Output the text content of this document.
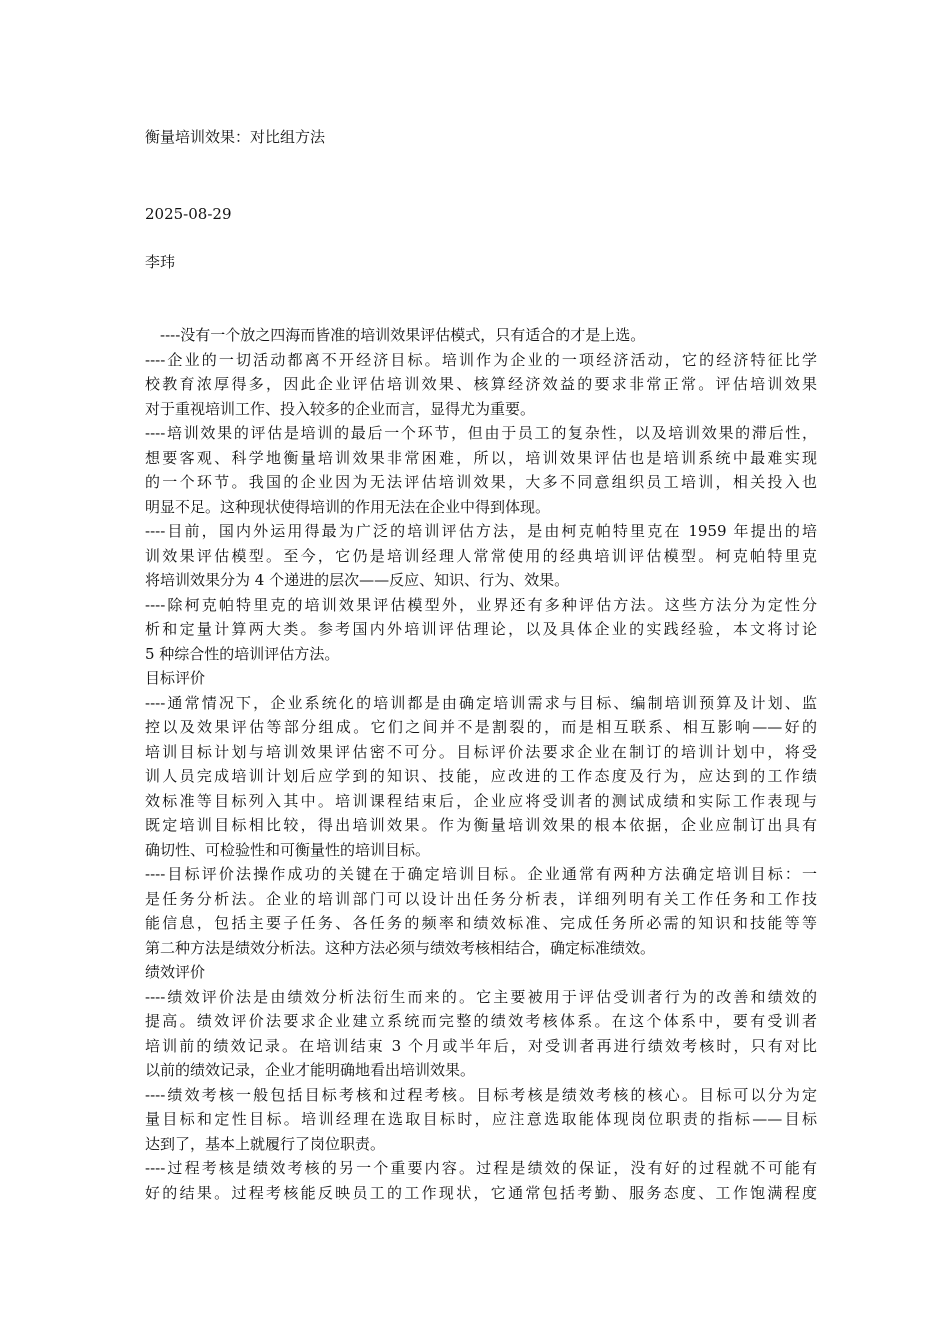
衡量培训效果：对比组方法
2025-08-29
李玮
----没有一个放之四海而皆准的培训效果评估模式，只有适合的才是上选。
----企业的一切活动都离不开经济目标。培训作为企业的一项经济活动，它的经济特征比学
校教育浓厚得多，因此企业评估培训效果、核算经济效益的要求非常正常。评估培训效果
对于重视培训工作、投入较多的企业而言，显得尤为重要。
----培训效果的评估是培训的最后一个环节，但由于员工的复杂性，以及培训效果的滞后性，
想要客观、科学地衡量培训效果非常困难，所以，培训效果评估也是培训系统中最难实现
的一个环节。我国的企业因为无法评估培训效果，大多不同意组织员工培训，相关投入也
明显不足。这种现状使得培训的作用无法在企业中得到体现。
----目前，国内外运用得最为广泛的培训评估方法，是由柯克帕特里克在 1959 年提出的培
训效果评估模型。至今，它仍是培训经理人常常使用的经典培训评估模型。柯克帕特里克
将培训效果分为 4 个递进的层次——反应、知识、行为、效果。
----除柯克帕特里克的培训效果评估模型外，业界还有多种评估方法。这些方法分为定性分
析和定量计算两大类。参考国内外培训评估理论，以及具体企业的实践经验，本文将讨论
5 种综合性的培训评估方法。
目标评价
----通常情况下，企业系统化的培训都是由确定培训需求与目标、编制培训预算及计划、监
控以及效果评估等部分组成。它们之间并不是割裂的，而是相互联系、相互影响——好的
培训目标计划与培训效果评估密不可分。目标评价法要求企业在制订的培训计划中，将受
训人员完成培训计划后应学到的知识、技能，应改进的工作态度及行为，应达到的工作绩
效标准等目标列入其中。培训课程结束后，企业应将受训者的测试成绩和实际工作表现与
既定培训目标相比较，得出培训效果。作为衡量培训效果的根本依据，企业应制订出具有
确切性、可检验性和可衡量性的培训目标。
----目标评价法操作成功的关键在于确定培训目标。企业通常有两种方法确定培训目标：一
是任务分析法。企业的培训部门可以设计出任务分析表，详细列明有关工作任务和工作技
能信息，包括主要子任务、各任务的频率和绩效标准、完成任务所必需的知识和技能等等
第二种方法是绩效分析法。这种方法必须与绩效考核相结合，确定标准绩效。
绩效评价
----绩效评价法是由绩效分析法衍生而来的。它主要被用于评估受训者行为的改善和绩效的
提高。绩效评价法要求企业建立系统而完整的绩效考核体系。在这个体系中，要有受训者
培训前的绩效记录。在培训结束 3 个月或半年后，对受训者再进行绩效考核时，只有对比
以前的绩效记录，企业才能明确地看出培训效果。
----绩效考核一般包括目标考核和过程考核。目标考核是绩效考核的核心。目标可以分为定
量目标和定性目标。培训经理在选取目标时，应注意选取能体现岗位职责的指标——目标
达到了，基本上就履行了岗位职责。
----过程考核是绩效考核的另一个重要内容。过程是绩效的保证，没有好的过程就不可能有
好的结果。过程考核能反映员工的工作现状，它通常包括考勤、服务态度、工作饱满程度
